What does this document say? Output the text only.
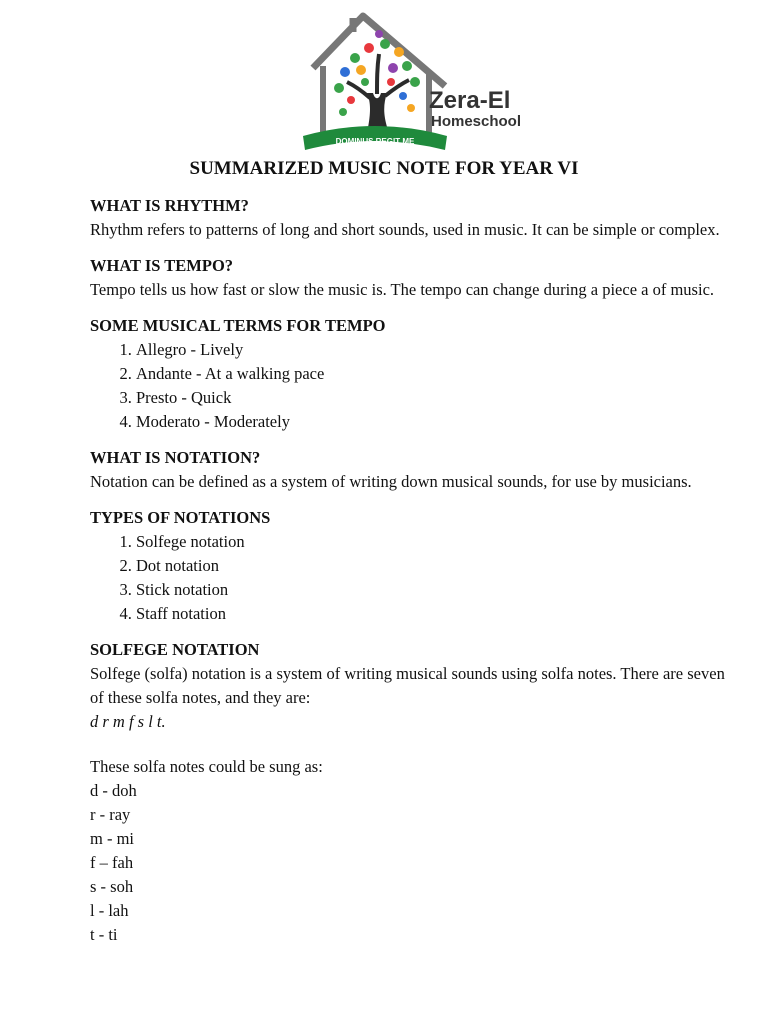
DOMINUS REGIT ME
Zera-El
Homeschool
SUMMARIZED MUSIC NOTE FOR YEAR VI

WHAT IS RHYTHM?

Rhythm refers to patterns of long and short sounds, used in music. It can be simple or complex.

WHAT IS TEMPO?

Tempo tells us how fast or slow the music is. The tempo can change during a piece a of music.

SOME MUSICAL TERMS FOR TEMPO

1. Allegro - Lively
2. Andante - At a walking pace
3. Presto - Quick
4. Moderato - Moderately

WHAT IS NOTATION?

Notation can be defined as a system of writing down musical sounds, for use by musicians.

TYPES OF NOTATIONS

1. Solfege notation
2. Dot notation
3. Stick notation
4. Staff notation

SOLFEGE NOTATION

Solfege (solfa) notation is a system of writing musical sounds using solfa notes. There are seven of these solfa notes, and they are:

d r m f s l t.

These solfa notes could be sung as:

d - doh

r - ray

m - mi

f – fah

s - soh

l - lah

t - ti
